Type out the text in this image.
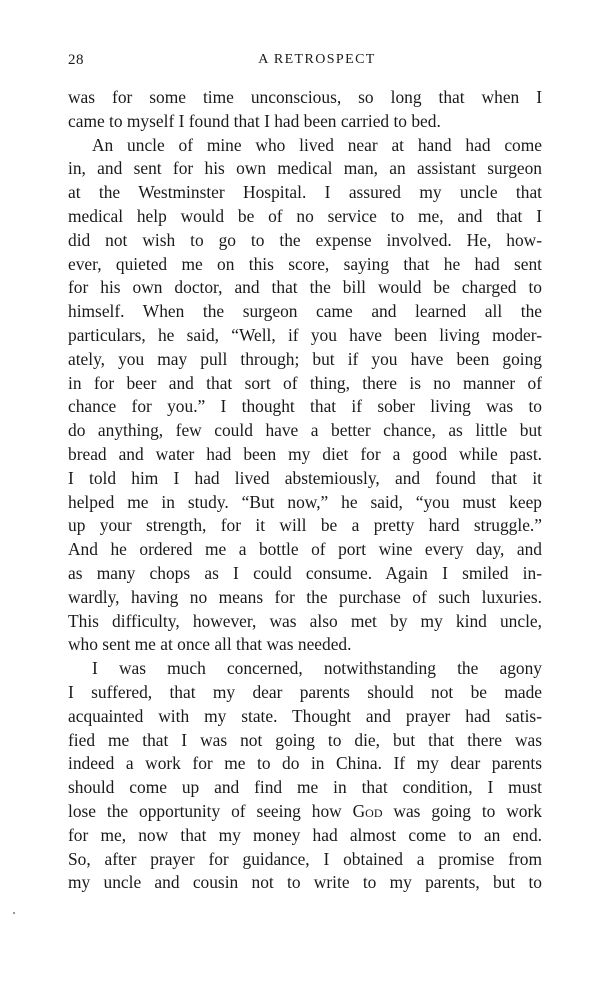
28	A RETROSPECT
was for some time unconscious, so long that when I
came to myself I found that I had been carried to bed.
An uncle of mine who lived near at hand had come
in, and sent for his own medical man, an assistant surgeon
at the Westminster Hospital. I assured my uncle that
medical help would be of no service to me, and that I
did not wish to go to the expense involved. He, how-
ever, quieted me on this score, saying that he had sent
for his own doctor, and that the bill would be charged to
himself. When the surgeon came and learned all the
particulars, he said, “Well, if you have been living moder-
ately, you may pull through; but if you have been going
in for beer and that sort of thing, there is no manner of
chance for you.” I thought that if sober living was to
do anything, few could have a better chance, as little but
bread and water had been my diet for a good while past.
I told him I had lived abstemiously, and found that it
helped me in study. “But now,” he said, “you must keep
up your strength, for it will be a pretty hard struggle.”
And he ordered me a bottle of port wine every day, and
as many chops as I could consume. Again I smiled in-
wardly, having no means for the purchase of such luxuries.
This difficulty, however, was also met by my kind uncle,
who sent me at once all that was needed.
I was much concerned, notwithstanding the agony
I suffered, that my dear parents should not be made
acquainted with my state. Thought and prayer had satis-
fied me that I was not going to die, but that there was
indeed a work for me to do in China. If my dear parents
should come up and find me in that condition, I must
lose the opportunity of seeing how God was going to work
for me, now that my money had almost come to an end.
So, after prayer for guidance, I obtained a promise from
my uncle and cousin not to write to my parents, but to
